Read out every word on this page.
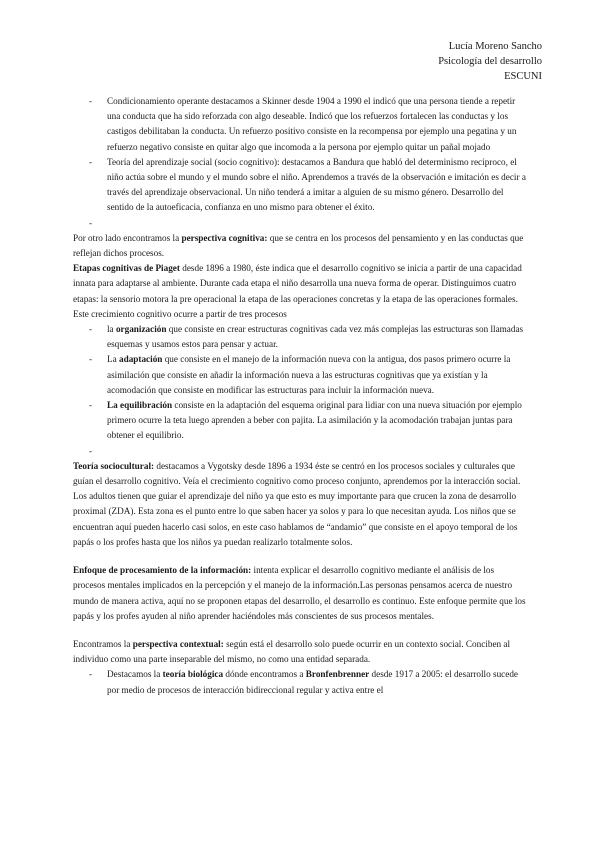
Lucía Moreno Sancho
Psicología del desarrollo
ESCUNI
- Condicionamiento operante destacamos a Skinner desde 1904 a 1990 el indicó que una persona tiende a repetir una conducta que ha sido reforzada con algo deseable. Indicó que los refuerzos fortalecen las conductas y los castigos debilitaban la conducta. Un refuerzo positivo consiste en la recompensa por ejemplo una pegatina y un refuerzo negativo consiste en quitar algo que incomoda a la persona por ejemplo quitar un pañal mojado
- Teoría del aprendizaje social (socio cognitivo): destacamos a Bandura que habló del determinismo recíproco, el niño actúa sobre el mundo y el mundo sobre el niño. Aprendemos a través de la observación e imitación es decir a través del aprendizaje observacional. Un niño tenderá a imitar a alguien de su mismo género. Desarrollo del sentido de la autoeficacia, confianza en uno mismo para obtener el éxito.
-

Por otro lado encontramos la perspectiva cognitiva: que se centra en los procesos del pensamiento y en las conductas que reflejan dichos procesos.

Etapas cognitivas de Piaget desde 1896 a 1980, éste indica que el desarrollo cognitivo se inicia a partir de una capacidad innata para adaptarse al ambiente. Durante cada etapa el niño desarrolla una nueva forma de operar. Distinguimos cuatro etapas: la sensorio motora la pre operacional la etapa de las operaciones concretas y la etapa de las operaciones formales. Este crecimiento cognitivo ocurre a partir de tres procesos

- la organización que consiste en crear estructuras cognitivas cada vez más complejas las estructuras son llamadas esquemas y usamos estos para pensar y actuar.
- La adaptación que consiste en el manejo de la información nueva con la antigua, dos pasos primero ocurre la asimilación que consiste en añadir la información nueva a las estructuras cognitivas que ya existían y la acomodación que consiste en modificar las estructuras para incluir la información nueva.
- La equilibración consiste en la adaptación del esquema original para lidiar con una nueva situación por ejemplo primero ocurre la teta luego aprenden a beber con pajita. La asimilación y la acomodación trabajan juntas para obtener el equilibrio.
-

Teoría sociocultural: destacamos a Vygotsky desde 1896 a 1934 éste se centró en los procesos sociales y culturales que guían el desarrollo cognitivo. Veía el crecimiento cognitivo como proceso conjunto, aprendemos por la interacción social. Los adultos tienen que guiar el aprendizaje del niño ya que esto es muy importante para que crucen la zona de desarrollo proximal (ZDA). Esta zona es el punto entre lo que saben hacer ya solos y para lo que necesitan ayuda. Los niños que se encuentran aquí pueden hacerlo casi solos, en este caso hablamos de “andamio” que consiste en el apoyo temporal de los papás o los profes hasta que los niños ya puedan realizarlo totalmente solos.

Enfoque de procesamiento de la información: intenta explicar el desarrollo cognitivo mediante el análisis de los procesos mentales implicados en la percepción y el manejo de la información.Las personas pensamos acerca de nuestro mundo de manera activa, aquí no se proponen etapas del desarrollo, el desarrollo es continuo. Este enfoque permite que los papás y los profes ayuden al niño aprender haciéndoles más conscientes de sus procesos mentales.

Encontramos la perspectiva contextual: según está el desarrollo solo puede ocurrir en un contexto social. Conciben al individuo como una parte inseparable del mismo, no como una entidad separada.

- Destacamos la teoría biológica dónde encontramos a Bronfenbrenner desde 1917 a 2005: el desarrollo sucede por medio de procesos de interacción bidireccional regular y activa entre el
